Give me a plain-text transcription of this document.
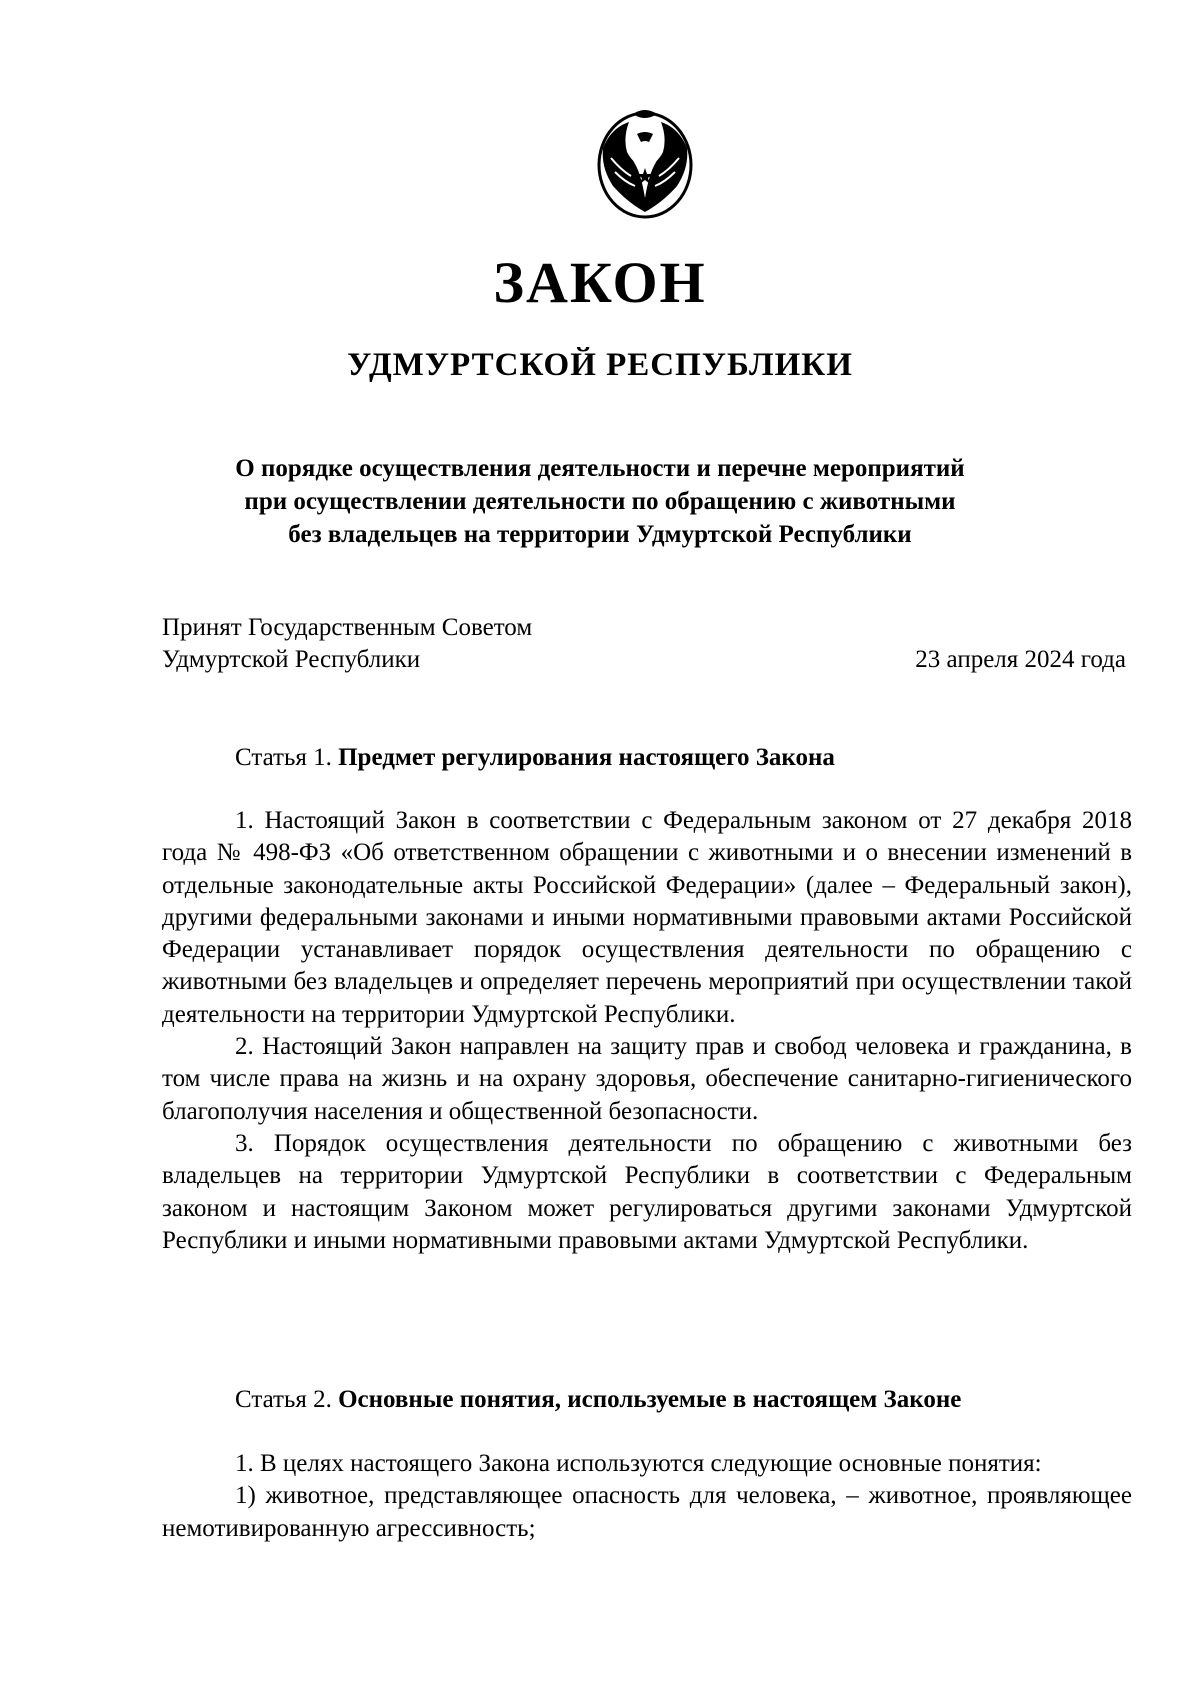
ЗАКОН
УДМУРТСКОЙ РЕСПУБЛИКИ
О порядке осуществления деятельности и перечне мероприятий
при осуществлении деятельности по обращению с животными
без владельцев на территории Удмуртской Республики
Принят Государственным Советом
Удмуртской Республики	23 апреля 2024 года
Статья 1. Предмет регулирования настоящего Закона

1. Настоящий Закон в соответствии с Федеральным законом от 27 декабря 2018 года № 498-ФЗ «Об ответственном обращении с животными и о внесении изменений в отдельные законодательные акты Российской Федерации» (далее – Федеральный закон), другими федеральными законами и иными нормативными правовыми актами Российской Федерации устанавливает порядок осуществления деятельности по обращению с животными без владельцев и определяет перечень мероприятий при осуществлении такой деятельности на территории Удмуртской Республики.

2. Настоящий Закон направлен на защиту прав и свобод человека и гражданина, в том числе права на жизнь и на охрану здоровья, обеспечение санитарно-гигиенического благополучия населения и общественной безопасности.

3. Порядок осуществления деятельности по обращению с животными без владельцев на территории Удмуртской Республики в соответствии с Федеральным законом и настоящим Законом может регулироваться другими законами Удмуртской Республики и иными нормативными правовыми актами Удмуртской Республики.

Статья 2. Основные понятия, используемые в настоящем Законе

1. В целях настоящего Закона используются следующие основные понятия:

1) животное, представляющее опасность для человека, – животное, проявляющее немотивированную агрессивность;
